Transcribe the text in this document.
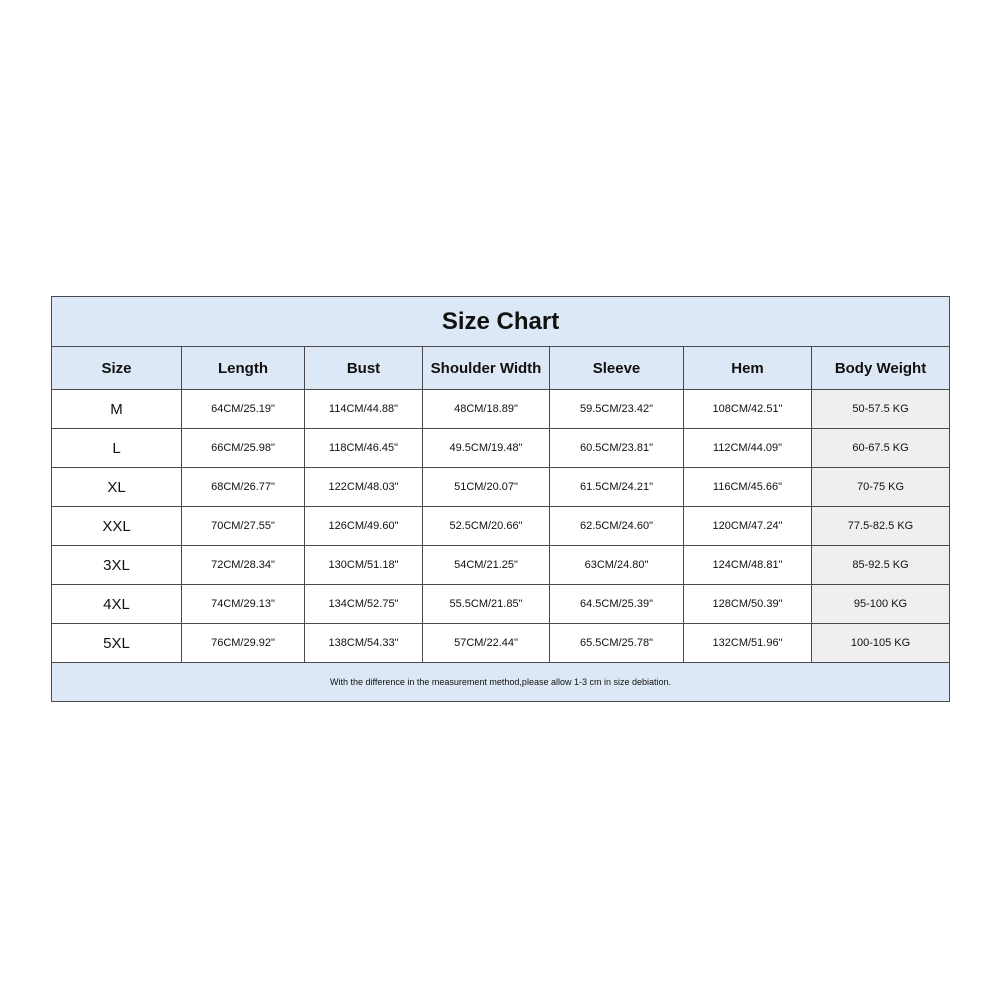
Size Chart						
Size	Length	Bust	Shoulder Width	Sleeve	Hem	Body Weight
M	64CM/25.19"	114CM/44.88"	48CM/18.89"	59.5CM/23.42"	108CM/42.51"	50-57.5 KG
L	66CM/25.98"	118CM/46.45"	49.5CM/19.48"	60.5CM/23.81"	112CM/44.09"	60-67.5 KG
XL	68CM/26.77"	122CM/48.03"	51CM/20.07"	61.5CM/24.21"	116CM/45.66"	70-75 KG
XXL	70CM/27.55"	126CM/49.60"	52.5CM/20.66"	62.5CM/24.60"	120CM/47.24"	77.5-82.5 KG
3XL	72CM/28.34"	130CM/51.18"	54CM/21.25"	63CM/24.80"	124CM/48.81"	85-92.5 KG
4XL	74CM/29.13"	134CM/52.75"	55.5CM/21.85"	64.5CM/25.39"	128CM/50.39"	95-100 KG
5XL	76CM/29.92"	138CM/54.33"	57CM/22.44"	65.5CM/25.78"	132CM/51.96"	100-105 KG
With the difference in the measurement method,please allow 1-3 cm in size debiation.						
